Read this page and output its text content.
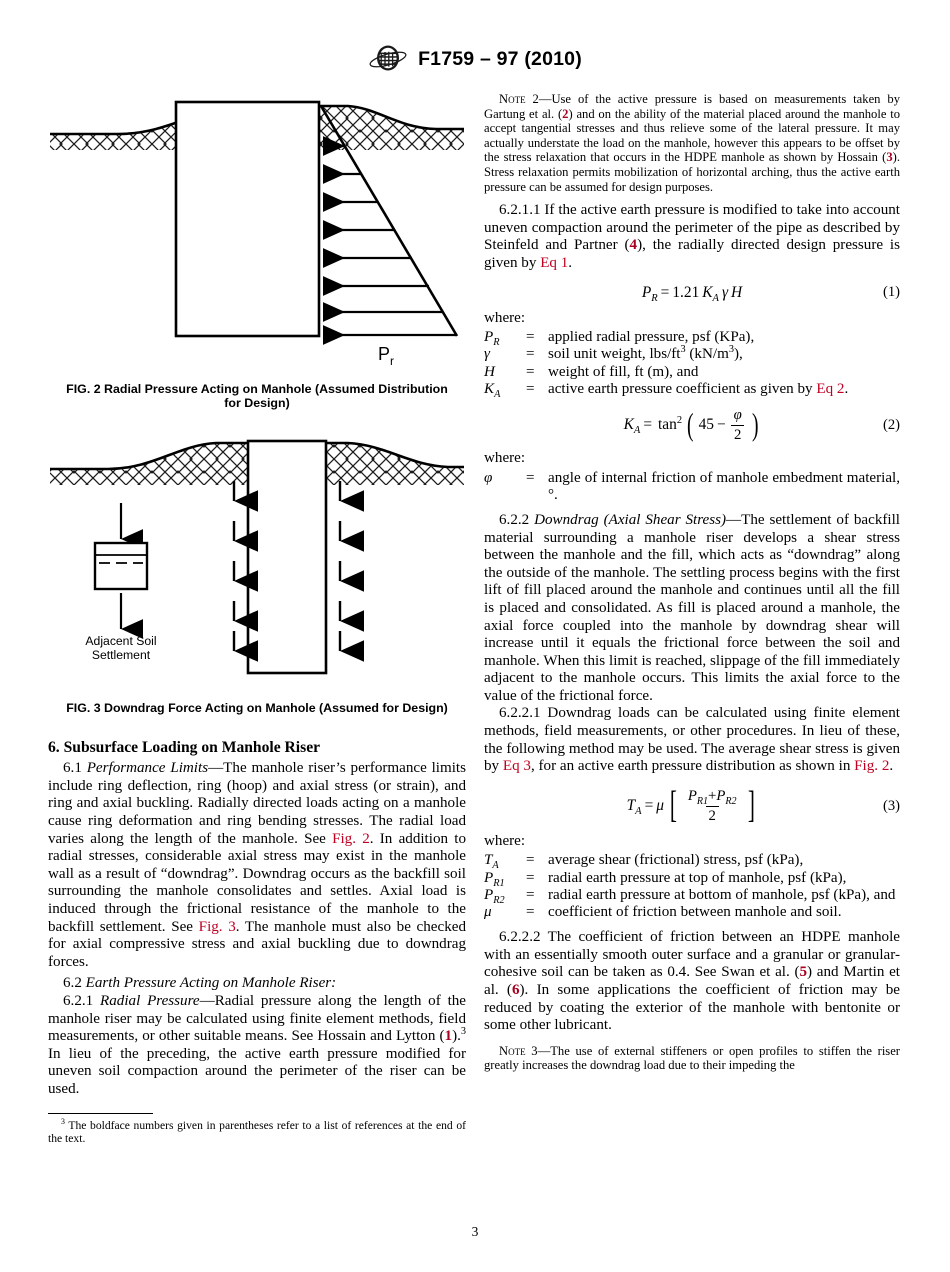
F1759 – 97 (2010)
P r
FIG. 2 Radial Pressure Acting on Manhole (Assumed Distribution for Design)
Adjacent Soil
Settlement
FIG. 3 Downdrag Force Acting on Manhole (Assumed for Design)
6. Subsurface Loading on Manhole Riser

6.1 Performance Limits—The manhole riser’s performance limits include ring deflection, ring (hoop) and axial stress (or strain), and ring and axial buckling. Radially directed loads acting on a manhole cause ring deformation and ring bending stresses. The radial load varies along the length of the manhole. See Fig. 2. In addition to radial stresses, considerable axial stress may exist in the manhole wall as a result of “downdrag”. Downdrag occurs as the backfill soil surrounding the manhole consolidates and settles. Axial load is induced through the frictional resistance of the manhole to the backfill settlement. See Fig. 3. The manhole must also be checked for axial compressive stress and axial buckling due to downdrag forces.

6.2 Earth Pressure Acting on Manhole Riser:

6.2.1 Radial Pressure—Radial pressure along the length of the manhole riser may be calculated using finite element methods, field measurements, or other suitable means. See Hossain and Lytton (1).$^3$ In lieu of the preceding, the active earth pressure modified for uneven soil compaction around the perimeter of the riser can be used.

$^3$ The boldface numbers given in parentheses refer to a list of references at the end of the text.

Note 2—Use of the active pressure is based on measurements taken by Gartung et al. (2) and on the ability of the material placed around the manhole to accept tangential stresses and thus relieve some of the lateral pressure. It may actually understate the load on the manhole, however this appears to be offset by the stress relaxation that occurs in the HDPE manhole as shown by Hossain (3). Stress relaxation permits mobilization of horizontal arching, thus the active earth pressure can be assumed for design purposes.

6.2.1.1 If the active earth pressure is modified to take into account uneven compaction around the perimeter of the pipe as described by Steinfeld and Partner (4), the radially directed design pressure is given by Eq 1.

$P_R = 1.21$ $K_A$ γ H	(1)
where:
$P_R$	=	applied radial pressure, psf (KPa),
γ	=	soil unit weight, lbs/$ft^3$ $(kN/m^3)$,
H	=	weight of fill, ft (m), and
$K_A$	=	active earth pressure coefficient as given by Eq 2.
$K_A = \tan^2$ ( $45 - \frac{\varphi}{2}$ )	(2)
where:
φ	=	angle of internal friction of manhole embedment material, °.

6.2.2 Downdrag (Axial Shear Stress)—The settlement of backfill material surrounding a manhole riser develops a shear stress between the manhole and the fill, which acts as “downdrag” along the outside of the manhole. The settling process begins with the first lift of fill placed around the manhole and continues until all the fill is placed and consolidated. As fill is placed around a manhole, the axial force coupled into the manhole by downdrag shear will increase until it equals the frictional force between the soil and manhole. When this limit is reached, slippage of the fill immediately adjacent to the manhole occurs. This limits the axial force to the value of the frictional force.

6.2.2.1 Downdrag loads can be calculated using finite element methods, field measurements, or other procedures. In lieu of these, the following method may be used. The average shear stress is given by Eq 3, for an active earth pressure distribution as shown in Fig. 2.

$T_A = \mu$ [ $\frac{P_{R1}+P_{R2}}{2}$ ]	(3)
where:
$T_A$	=	average shear (frictional) stress, psf (kPa),
$P_{R1}$	=	radial earth pressure at top of manhole, psf (kPa),
$P_{R2}$	=	radial earth pressure at bottom of manhole, psf (kPa), and
μ	=	coefficient of friction between manhole and soil.

6.2.2.2 The coefficient of friction between an HDPE manhole with an essentially smooth outer surface and a granular or granular-cohesive soil can be taken as 0.4. See Swan et al. (5) and Martin et al. (6). In some applications the coefficient of friction may be reduced by coating the exterior of the manhole with bentonite or some other lubricant.

Note 3—The use of external stiffeners or open profiles to stiffen the riser greatly increases the downdrag load due to their impeding the

3
